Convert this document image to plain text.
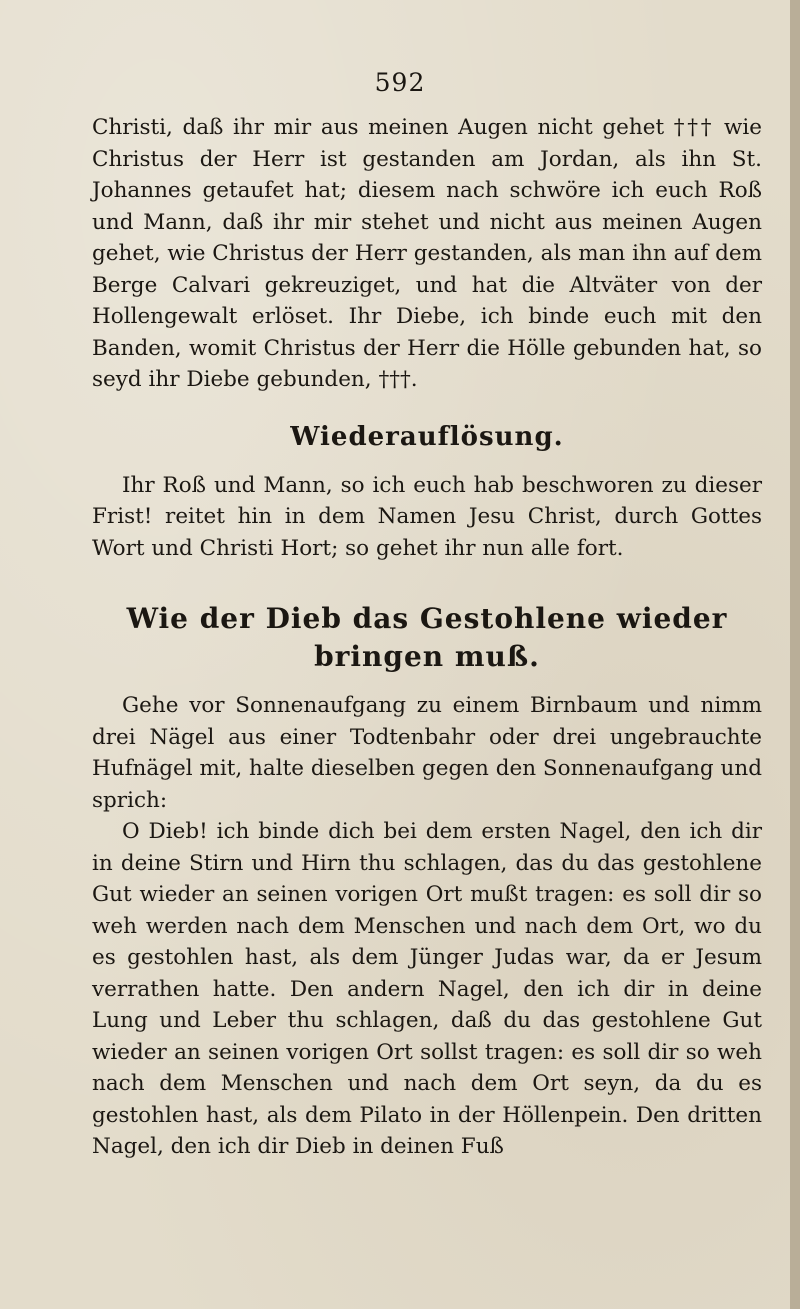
592

Christi, daß ihr mir aus meinen Augen nicht gehet ††† wie Christus der Herr ist gestanden am Jordan, als ihn St. Johannes getaufet hat; diesem nach schwöre ich euch Roß und Mann, daß ihr mir stehet und nicht aus meinen Augen gehet, wie Christus der Herr gestanden, als man ihn auf dem Berge Calvari gekreuziget, und hat die Altväter von der Hollengewalt erlöset. Ihr Diebe, ich binde euch mit den Banden, womit Christus der Herr die Hölle gebunden hat, so seyd ihr Diebe gebunden, †††.

Wiederauflösung.

Ihr Roß und Mann, so ich euch hab beschworen zu dieser Frist! reitet hin in dem Namen Jesu Christ, durch Gottes Wort und Christi Hort; so gehet ihr nun alle fort.

Wie der Dieb das Gestohlene wieder bringen muß.

Gehe vor Sonnenaufgang zu einem Birnbaum und nimm drei Nägel aus einer Todtenbahr oder drei ungebrauchte Hufnägel mit, halte dieselben gegen den Sonnenaufgang und sprich:

O Dieb! ich binde dich bei dem ersten Nagel, den ich dir in deine Stirn und Hirn thu schlagen, das du das gestohlene Gut wieder an seinen vorigen Ort mußt tragen: es soll dir so weh werden nach dem Menschen und nach dem Ort, wo du es gestohlen hast, als dem Jünger Judas war, da er Jesum verrathen hatte. Den andern Nagel, den ich dir in deine Lung und Leber thu schlagen, daß du das gestohlene Gut wieder an seinen vorigen Ort sollst tragen: es soll dir so weh nach dem Menschen und nach dem Ort seyn, da du es gestohlen hast, als dem Pilato in der Höllenpein. Den dritten Nagel, den ich dir Dieb in deinen Fuß
